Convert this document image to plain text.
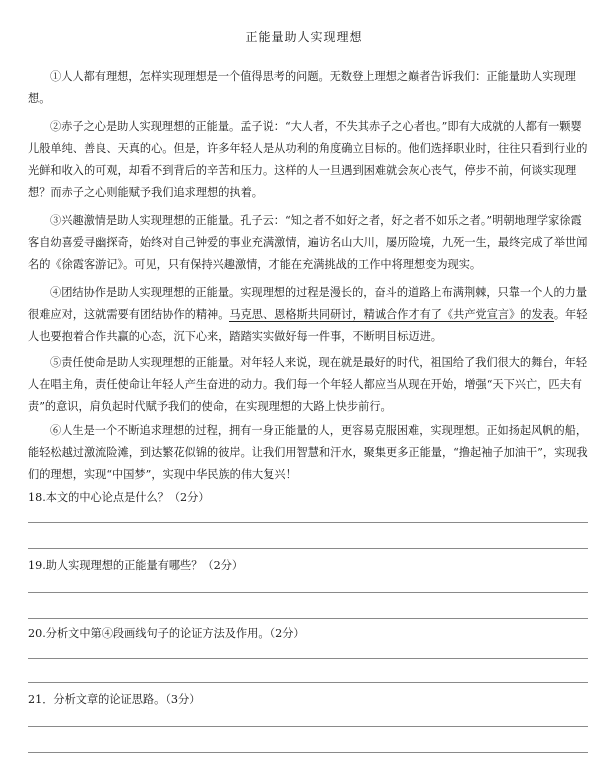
正能量助人实现理想

①人人都有理想，怎样实现理想是一个值得思考的问题。无数登上理想之巅者告诉我们：正能量助人实现理想。

②赤子之心是助人实现理想的正能量。孟子说：“大人者，不失其赤子之心者也。”即有大成就的人都有一颗婴儿般单纯、善良、天真的心。但是，许多年轻人是从功利的角度确立目标的。他们选择职业时，往往只看到行业的光鲜和收入的可观，却看不到背后的辛苦和压力。这样的人一旦遇到困难就会灰心丧气，停步不前，何谈实现理想？而赤子之心则能赋予我们追求理想的执着。

③兴趣激情是助人实现理想的正能量。孔子云：“知之者不如好之者，好之者不如乐之者。”明朝地理学家徐霞客自幼喜爱寻幽探奇，始终对自己钟爱的事业充满激情，遍访名山大川，屡历险境，九死一生，最终完成了举世闻名的《徐霞客游记》。可见，只有保持兴趣激情，才能在充满挑战的工作中将理想变为现实。

④团结协作是助人实现理想的正能量。实现理想的过程是漫长的，奋斗的道路上布满荆棘，只靠一个人的力量很难应对，这就需要有团结协作的精神。马克思、恩格斯共同研讨，精诚合作才有了《共产党宣言》的发表。年轻人也要抱着合作共赢的心态，沉下心来，踏踏实实做好每一件事，不断明目标迈进。

⑤责任使命是助人实现理想的正能量。对年轻人来说，现在就是最好的时代，祖国给了我们很大的舞台，年轻人在唱主角，责任使命让年轻人产生奋进的动力。我们每一个年轻人都应当从现在开始，增强“天下兴亡，匹夫有责”的意识，肩负起时代赋予我们的使命，在实现理想的大路上快步前行。

⑥人生是一个不断追求理想的过程，拥有一身正能量的人，更容易克服困难，实现理想。正如扬起风帆的船，能轻松越过激流险滩，到达繁花似锦的彼岸。让我们用智慧和汗水，聚集更多正能量，“撸起袖子加油干”，实现我们的理想，实现“中国梦”，实现中华民族的伟大复兴！

18.本文的中心论点是什么？（2分）

19.助人实现理想的正能量有哪些？（2分）

20.分析文中第④段画线句子的论证方法及作用。（2分）

21．分析文章的论证思路。（3分）
